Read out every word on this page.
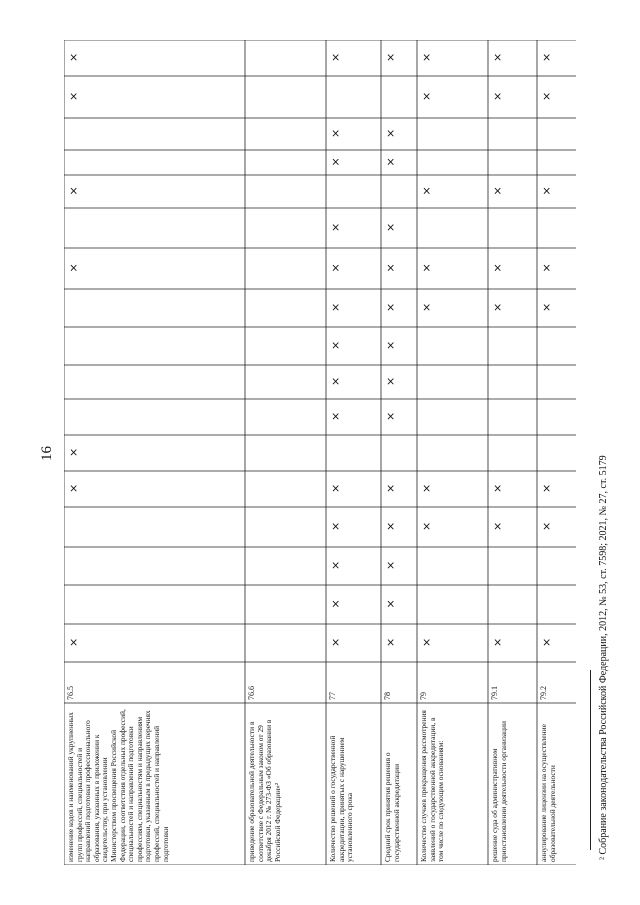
изменение кодов и наименований укрупненных групп профессий, специальностей и направлений подготовки профессионального образования, указанных в приложении к свидетельству, при установлении Министерством просвещения Российской Федерации, соответствия отдельных профессий, специальностей и направлений подготовки профессиям, специальностям и направлениям подготовки, указанным в предыдущих перечнях профессий, специальностей и направлений подготовки
76.5
×
×
×
×
×
×
×
приведение образовательной деятельности в соответствие с Федеральным законом от 29 декабря 2012 г. № 273-ФЗ «Об образовании в Российской Федерации»²
76.6
Количество решений о государственной аккредитации, принятых с нарушением установленного срока
77
×
×
×
×
×
×
×
×
×
×
×
×
×
×
Средний срок принятия решения о государственной аккредитации
78
×
×
×
×
×
×
×
×
×
×
×
×
×
×
Количество случаев прекращения рассмотрения заявлений о государственной аккредитации, в том числе по следующим основаниям:
79
×
×
×
×
×
×
×
×
решение суда об административном приостановлении деятельности организации
79.1
×
×
×
×
×
×
×
×
аннулирование лицензии на осуществление образовательной деятельности
79.2
×
×
×
×
×
×
×
×
16
² Собрание законодательства Российской Федерации, 2012, № 53, ст. 7598; 2021, № 27, ст. 5179
